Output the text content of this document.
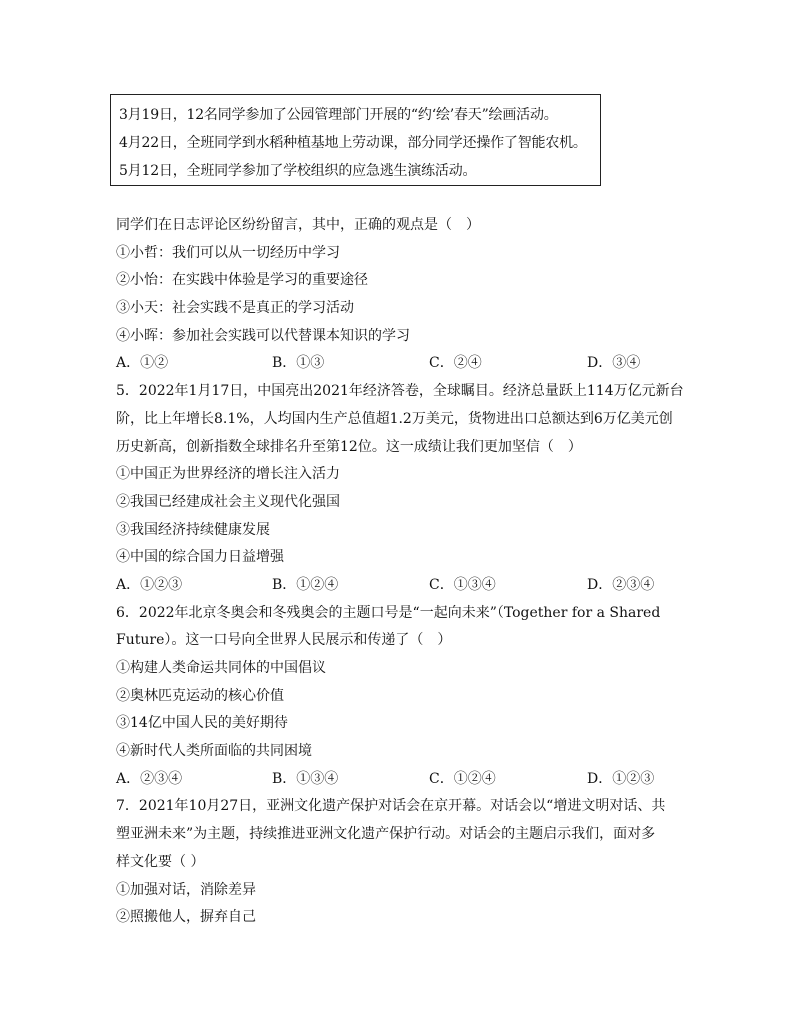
3月19日，12名同学参加了公园管理部门开展的“约‘绘’春天”绘画活动。
4月22日，全班同学到水稻种植基地上劳动课，部分同学还操作了智能农机。
5月12日，全班同学参加了学校组织的应急逃生演练活动。
同学们在日志评论区纷纷留言，其中，正确的观点是（　）
①小哲：我们可以从一切经历中学习
②小怡：在实践中体验是学习的重要途径
③小天：社会实践不是真正的学习活动
④小晖：参加社会实践可以代替课本知识的学习
A．①②	B．①③	C．②④	D．③④
5．2022年1月17日，中国亮出2021年经济答卷，全球瞩目。经济总量跃上114万亿元新台
阶，比上年增长8.1%，人均国内生产总值超1.2万美元，货物进出口总额达到6万亿美元创
历史新高，创新指数全球排名升至第12位。这一成绩让我们更加坚信（　）
①中国正为世界经济的增长注入活力
②我国已经建成社会主义现代化强国
③我国经济持续健康发展
④中国的综合国力日益增强
A．①②③	B．①②④	C．①③④	D．②③④
6．2022年北京冬奥会和冬残奥会的主题口号是“一起向未来”（Together for a Shared
Future）。这一口号向全世界人民展示和传递了（　）
①构建人类命运共同体的中国倡议
②奥林匹克运动的核心价值
③14亿中国人民的美好期待
④新时代人类所面临的共同困境
A．②③④	B．①③④	C．①②④	D．①②③
7．2021年10月27日，亚洲文化遗产保护对话会在京开幕。对话会以“增进文明对话、共
塑亚洲未来”为主题，持续推进亚洲文化遗产保护行动。对话会的主题启示我们，面对多
样文化要（ ）
①加强对话，消除差异
②照搬他人，摒弃自己
